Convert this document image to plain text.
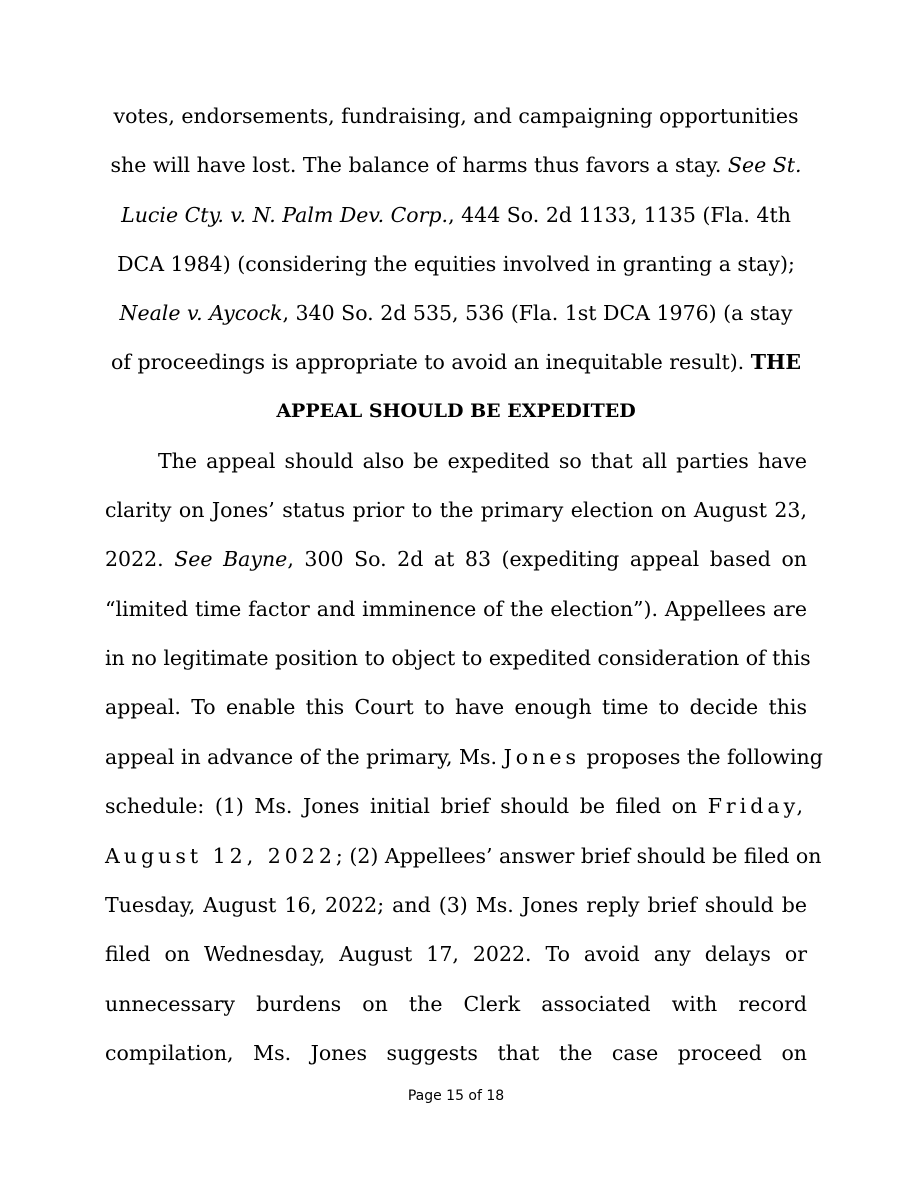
votes, endorsements, fundraising, and campaigning opportunities
she will have lost. The balance of harms thus favors a stay. See St.
Lucie Cty. v. N. Palm Dev. Corp., 444 So. 2d 1133, 1135 (Fla. 4th
DCA 1984) (considering the equities involved in granting a stay);
Neale v. Aycock, 340 So. 2d 535, 536 (Fla. 1st DCA 1976) (a stay
of proceedings is appropriate to avoid an inequitable result). THE
APPEAL SHOULD BE EXPEDITED
The appeal should also be expedited so that all parties have
clarity on Jones’ status prior to the primary election on August 23,
2022. See Bayne, 300 So. 2d at 83 (expediting appeal based on
“limited time factor and imminence of the election”). Appellees are
in no legitimate position to object to expedited consideration of this
appeal. To enable this Court to have enough time to decide this
appeal in advance of the primary, Ms. Jones proposes the following
schedule: (1) Ms. Jones initial brief should be filed on Friday,
August 12, 2022; (2) Appellees’ answer brief should be filed on
Tuesday, August 16, 2022; and (3) Ms. Jones reply brief should be
filed on Wednesday, August 17, 2022. To avoid any delays or
unnecessary burdens on the Clerk associated with record
compilation, Ms. Jones suggests that the case proceed on
Page 15 of 18
